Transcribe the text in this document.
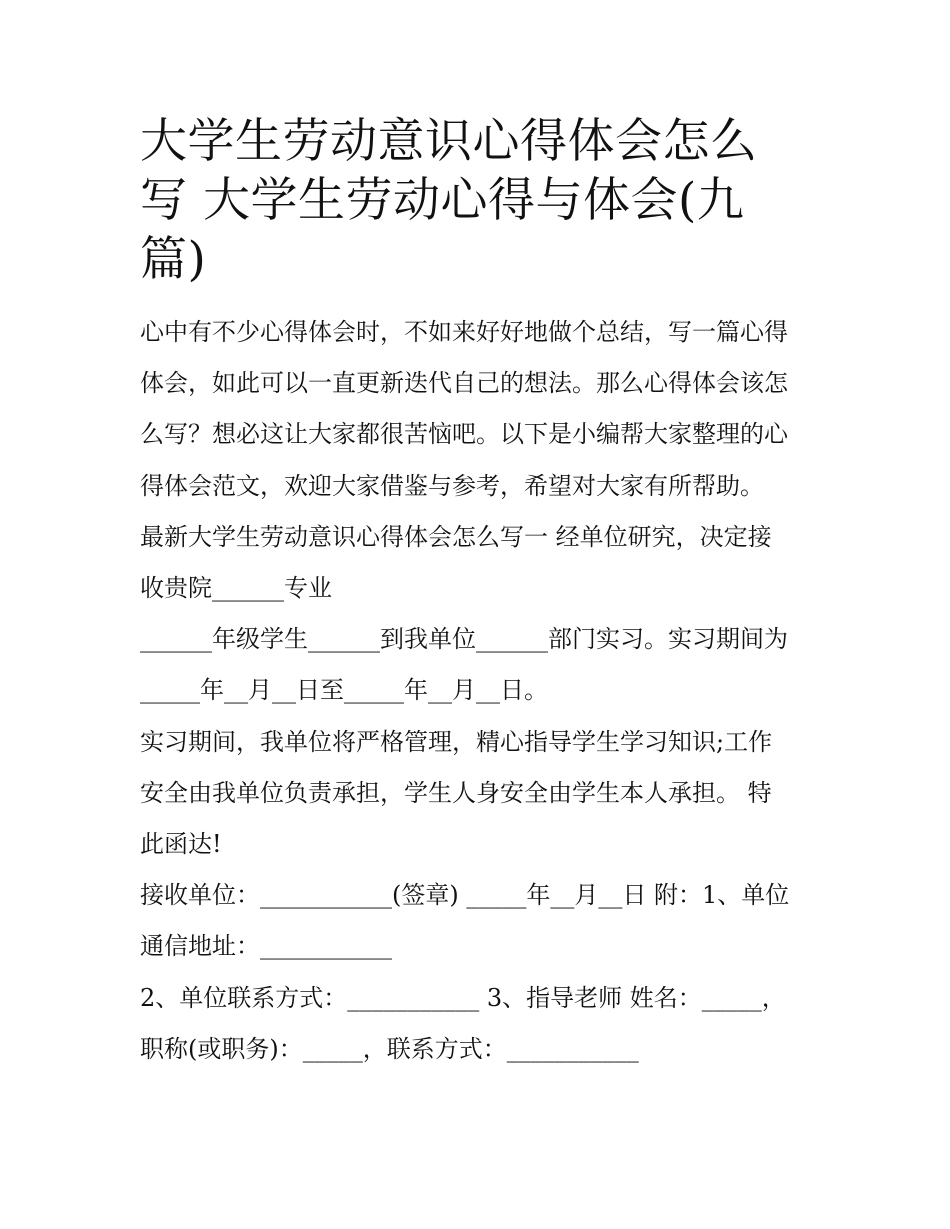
大学生劳动意识心得体会怎么
写 大学生劳动心得与体会(九
篇)
心中有不少心得体会时，不如来好好地做个总结，写一篇心得
体会，如此可以一直更新迭代自己的想法。那么心得体会该怎
么写？想必这让大家都很苦恼吧。以下是小编帮大家整理的心
得体会范文，欢迎大家借鉴与参考，希望对大家有所帮助。
最新大学生劳动意识心得体会怎么写一 经单位研究，决定接
收贵院______专业
______年级学生______到我单位______部门实习。实习期间为
_____年__月__日至_____年__月__日。
实习期间，我单位将严格管理，精心指导学生学习知识;工作
安全由我单位负责承担，学生人身安全由学生本人承担。 特
此函达!
接收单位：___________(签章) _____年__月__日 附：1、单位
通信地址：___________
2、单位联系方式：___________ 3、指导老师 姓名：_____，
职称(或职务)：_____，联系方式：___________
